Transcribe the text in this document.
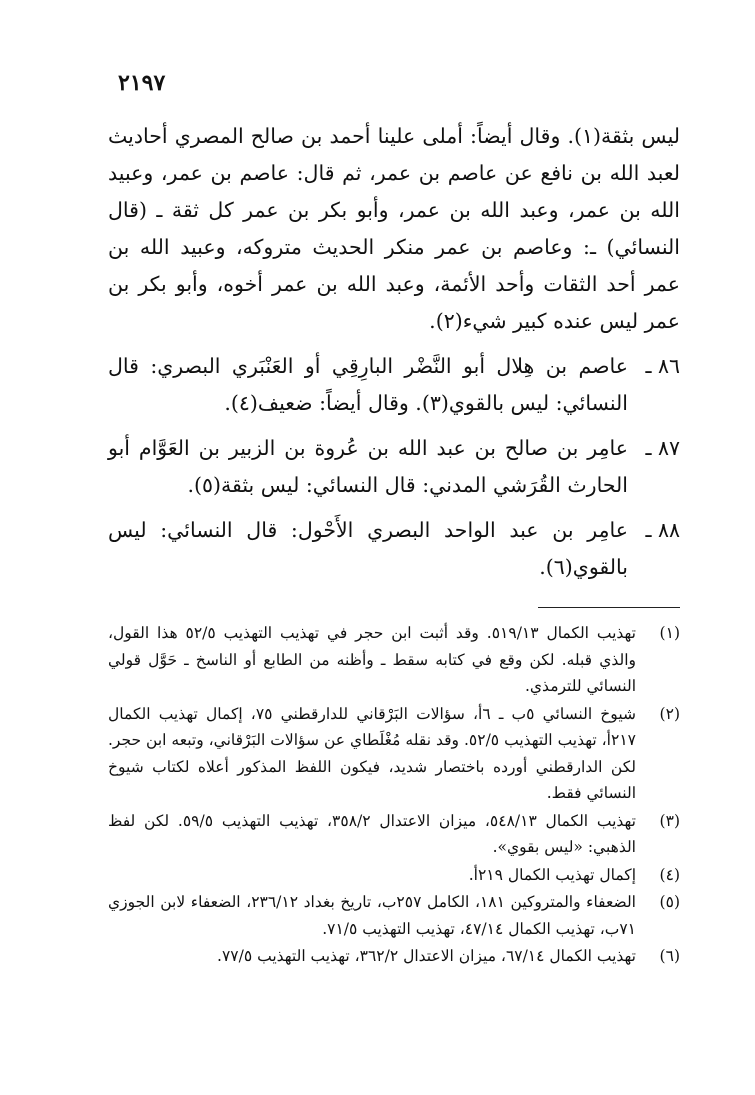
٢١٩٧

ليس بثقة(١). وقال أيضاً: أملى علينا أحمد بن صالح المصري أحاديث لعبد الله بن نافع عن عاصم بن عمر، ثم قال: عاصم بن عمر، وعبيد الله بن عمر، وعبد الله بن عمر، وأبو بكر بن عمر كل ثقة ـ (قال النسائي) ـ: وعاصم بن عمر منكر الحديث متروكه، وعبيد الله بن عمر أحد الثقات وأحد الأئمة، وعبد الله بن عمر أخوه، وأبو بكر بن عمر ليس عنده كبير شيء(٢).

٨٦ ـ

عاصم بن هِلال أبو النَّضْر البارِقِي أو العَنْبَري البصري: قال النسائي: ليس بالقوي(٣). وقال أيضاً: ضعيف(٤).

٨٧ ـ

عامِر بن صالح بن عبد الله بن عُروة بن الزبير بن العَوَّام أبو الحارث القُرَشي المدني: قال النسائي: ليس بثقة(٥).

٨٨ ـ

عامِر بن عبد الواحد البصري الأَحْول: قال النسائي: ليس بالقوي(٦).

(١)
تهذيب الكمال ٥١٩/١٣. وقد أثبت ابن حجر في تهذيب التهذيب ٥٢/٥ هذا القول، والذي قبله. لكن وقع في كتابه سقط ـ وأظنه من الطابع أو الناسخ ـ حَوَّل قولي النسائي للترمذي.
(٢)
شيوخ النسائي ٥ب ـ ٦أ، سؤالات البَرْقاني للدارقطني ٧٥، إكمال تهذيب الكمال ٢١٧أ، تهذيب التهذيب ٥٢/٥. وقد نقله مُغْلَطاي عن سؤالات البَرْقاني، وتبعه ابن حجر. لكن الدارقطني أورده باختصار شديد، فيكون اللفظ المذكور أعلاه لكتاب شيوخ النسائي فقط.
(٣)
تهذيب الكمال ٥٤٨/١٣، ميزان الاعتدال ٣٥٨/٢، تهذيب التهذيب ٥٩/٥. لكن لفظ الذهبي: «ليس بقوي».
(٤)
إكمال تهذيب الكمال ٢١٩أ.
(٥)
الضعفاء والمتروكين ١٨١، الكامل ٢٥٧ب، تاريخ بغداد ٢٣٦/١٢، الضعفاء لابن الجوزي ٧١ب، تهذيب الكمال ٤٧/١٤، تهذيب التهذيب ٧١/٥.
(٦)
تهذيب الكمال ٦٧/١٤، ميزان الاعتدال ٣٦٢/٢، تهذيب التهذيب ٧٧/٥.
